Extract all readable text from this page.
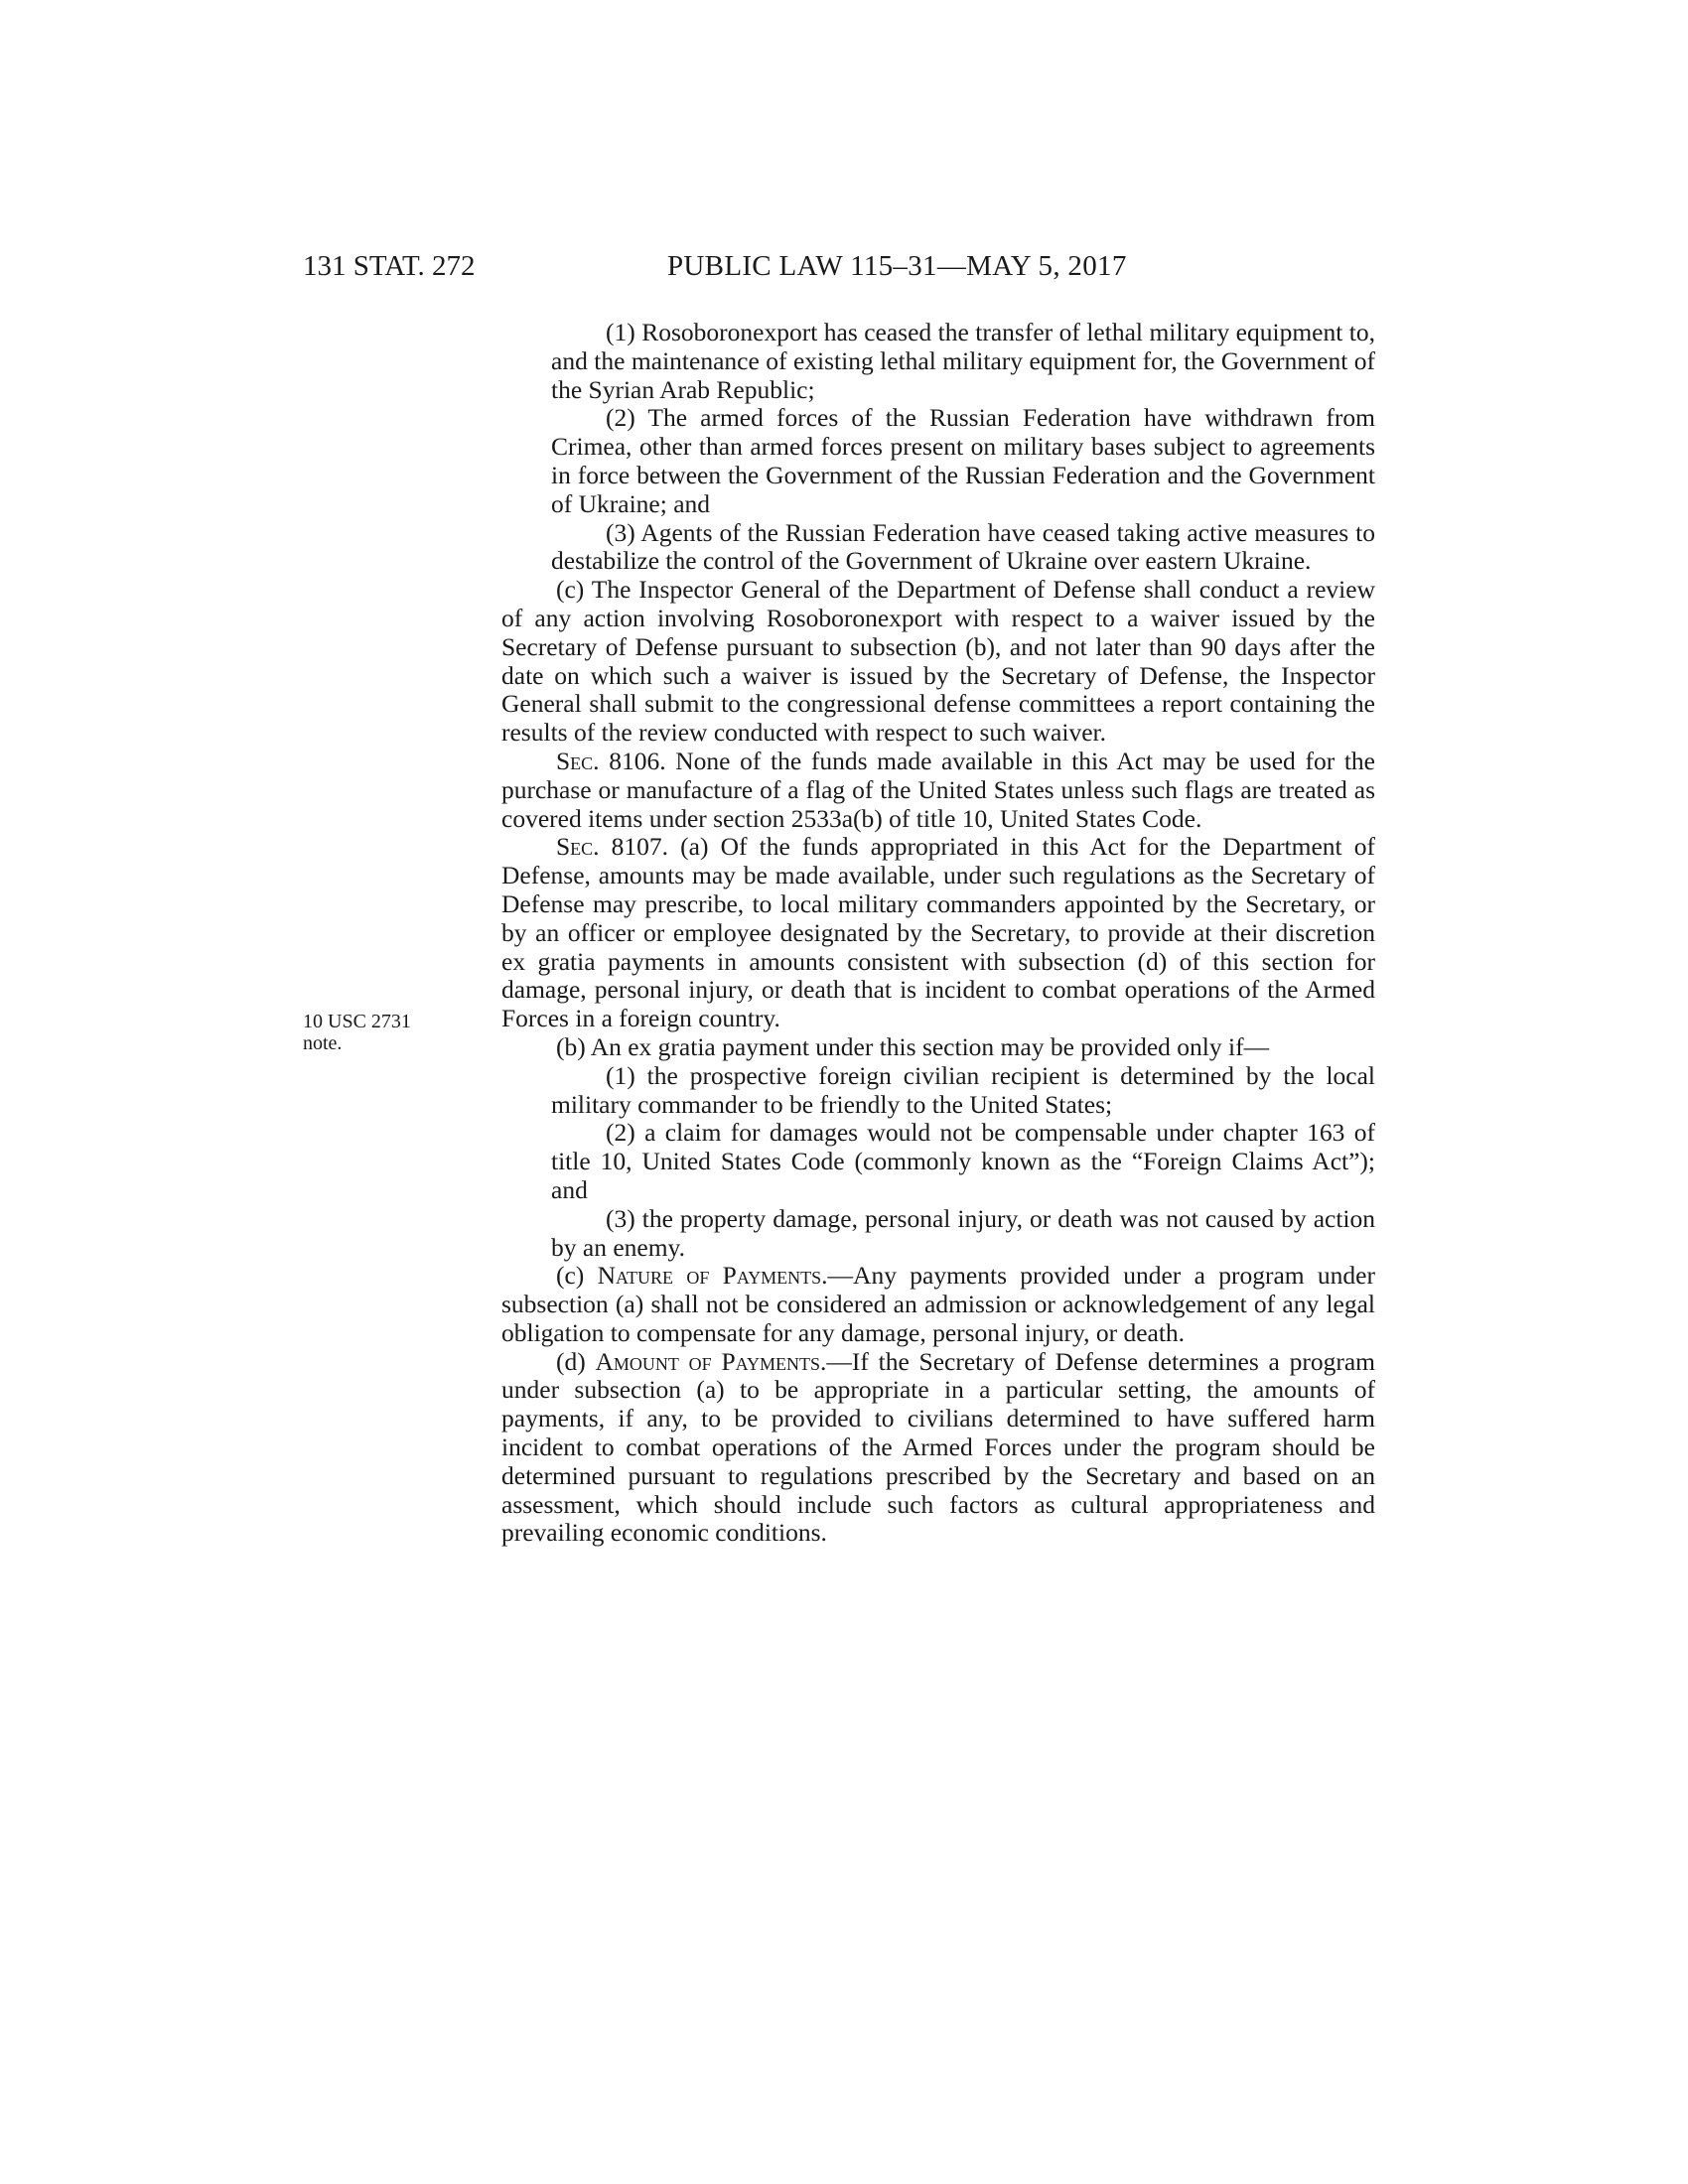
131 STAT. 272	PUBLIC LAW 115–31—MAY 5, 2017
10 USC 2731
note.

(1) Rosoboronexport has ceased the transfer of lethal military equipment to, and the maintenance of existing lethal military equipment for, the Government of the Syrian Arab Republic;

(2) The armed forces of the Russian Federation have withdrawn from Crimea, other than armed forces present on military bases subject to agreements in force between the Government of the Russian Federation and the Government of Ukraine; and

(3) Agents of the Russian Federation have ceased taking active measures to destabilize the control of the Government of Ukraine over eastern Ukraine.

(c) The Inspector General of the Department of Defense shall conduct a review of any action involving Rosoboronexport with respect to a waiver issued by the Secretary of Defense pursuant to subsection (b), and not later than 90 days after the date on which such a waiver is issued by the Secretary of Defense, the Inspector General shall submit to the congressional defense committees a report containing the results of the review conducted with respect to such waiver.

Sec. 8106. None of the funds made available in this Act may be used for the purchase or manufacture of a flag of the United States unless such flags are treated as covered items under section 2533a(b) of title 10, United States Code.

Sec. 8107. (a) Of the funds appropriated in this Act for the Department of Defense, amounts may be made available, under such regulations as the Secretary of Defense may prescribe, to local military commanders appointed by the Secretary, or by an officer or employee designated by the Secretary, to provide at their discretion ex gratia payments in amounts consistent with subsection (d) of this section for damage, personal injury, or death that is incident to combat operations of the Armed Forces in a foreign country.

(b) An ex gratia payment under this section may be provided only if—

(1) the prospective foreign civilian recipient is determined by the local military commander to be friendly to the United States;

(2) a claim for damages would not be compensable under chapter 163 of title 10, United States Code (commonly known as the “Foreign Claims Act”); and

(3) the property damage, personal injury, or death was not caused by action by an enemy.

(c) Nature of Payments.—Any payments provided under a program under subsection (a) shall not be considered an admission or acknowledgement of any legal obligation to compensate for any damage, personal injury, or death.

(d) Amount of Payments.—If the Secretary of Defense determines a program under subsection (a) to be appropriate in a particular setting, the amounts of payments, if any, to be provided to civilians determined to have suffered harm incident to combat operations of the Armed Forces under the program should be determined pursuant to regulations prescribed by the Secretary and based on an assessment, which should include such factors as cultural appropriateness and prevailing economic conditions.
